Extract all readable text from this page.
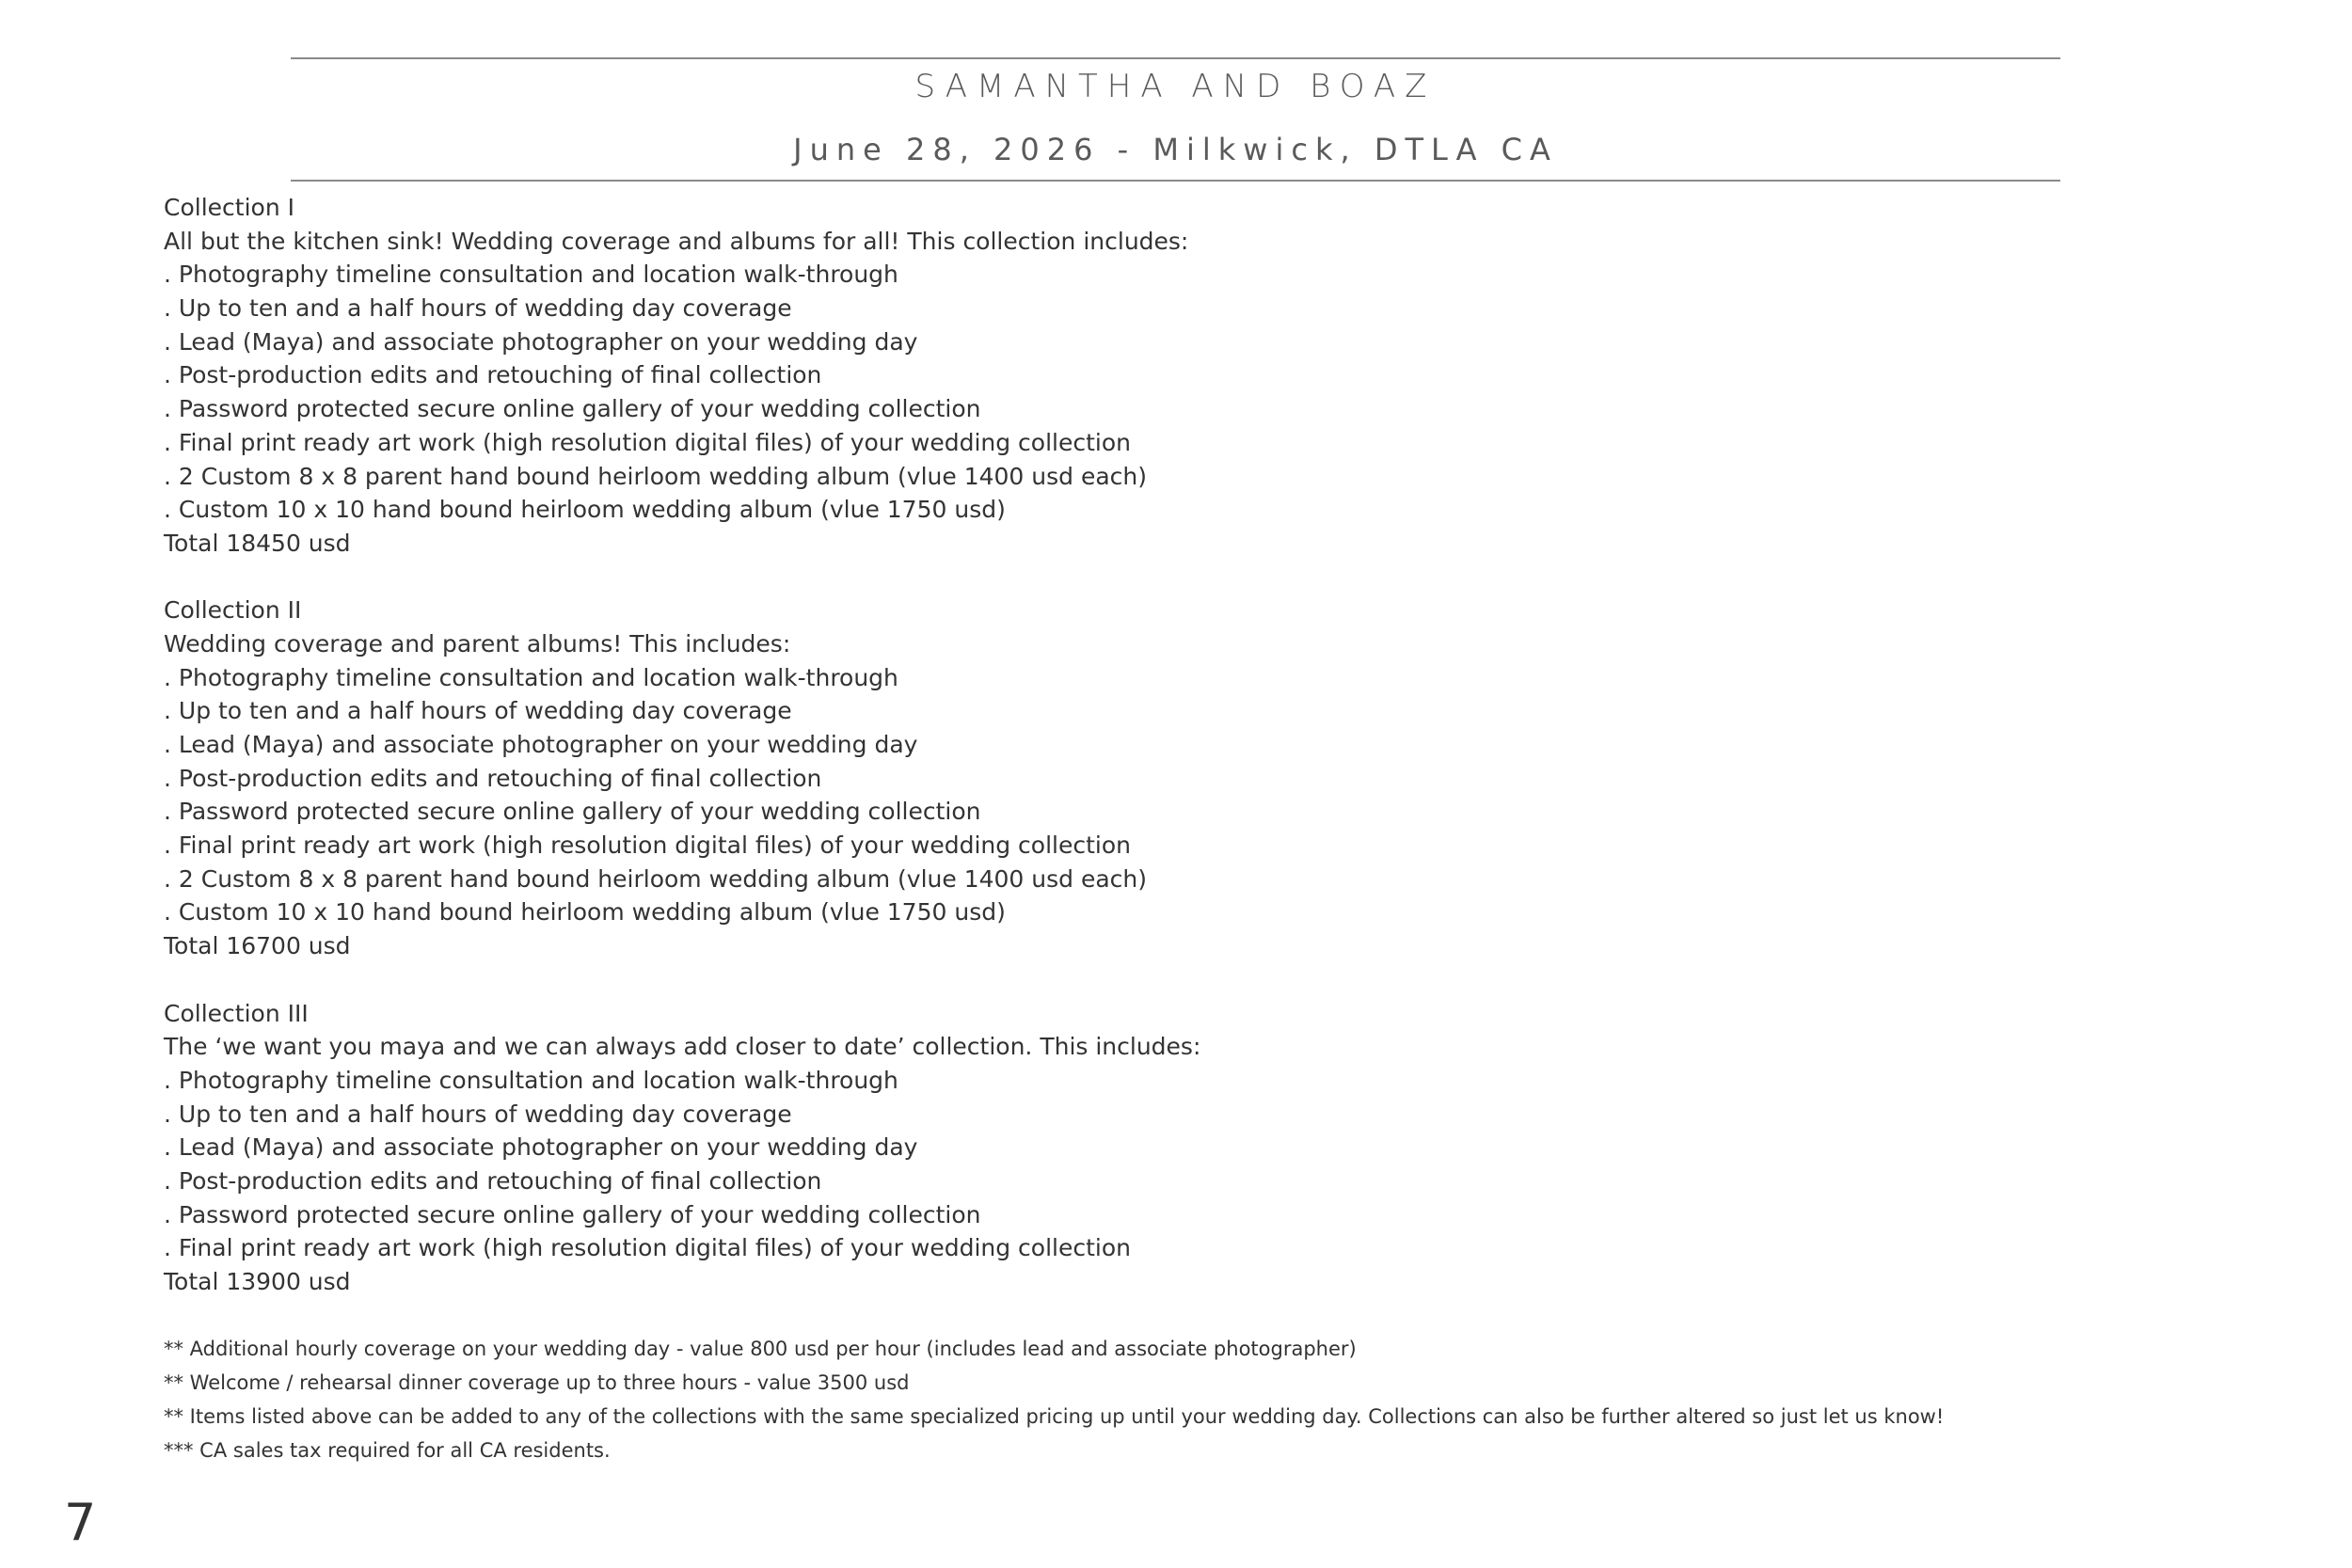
SAMANTHA AND BOAZ
June 28, 2026 - Milkwick, DTLA CA
Collection I
All but the kitchen sink! Wedding coverage and albums for all! This collection includes:
. Photography timeline consultation and location walk-through
. Up to ten and a half hours of wedding day coverage
. Lead (Maya) and associate photographer on your wedding day
. Post-production edits and retouching of final collection
. Password protected secure online gallery of your wedding collection
. Final print ready art work (high resolution digital files) of your wedding collection
. 2 Custom 8 x 8 parent hand bound heirloom wedding album (vlue 1400 usd each)
. Custom 10 x 10 hand bound heirloom wedding album (vlue 1750 usd)
Total 18450 usd
Collection II
Wedding coverage and parent albums! This includes:
. Photography timeline consultation and location walk-through
. Up to ten and a half hours of wedding day coverage
. Lead (Maya) and associate photographer on your wedding day
. Post-production edits and retouching of final collection
. Password protected secure online gallery of your wedding collection
. Final print ready art work (high resolution digital files) of your wedding collection
. 2 Custom 8 x 8 parent hand bound heirloom wedding album (vlue 1400 usd each)
. Custom 10 x 10 hand bound heirloom wedding album (vlue 1750 usd)
Total 16700 usd
Collection III
The ‘we want you maya and we can always add closer to date’ collection. This includes:
. Photography timeline consultation and location walk-through
. Up to ten and a half hours of wedding day coverage
. Lead (Maya) and associate photographer on your wedding day
. Post-production edits and retouching of final collection
. Password protected secure online gallery of your wedding collection
. Final print ready art work (high resolution digital files) of your wedding collection
Total 13900 usd
** Additional hourly coverage on your wedding day - value 800 usd per hour (includes lead and associate photographer)
** Welcome / rehearsal dinner coverage up to three hours - value 3500 usd
** Items listed above can be added to any of the collections with the same specialized pricing up until your wedding day. Collections can also be further altered so just let us know!
*** CA sales tax required for all CA residents.
7
